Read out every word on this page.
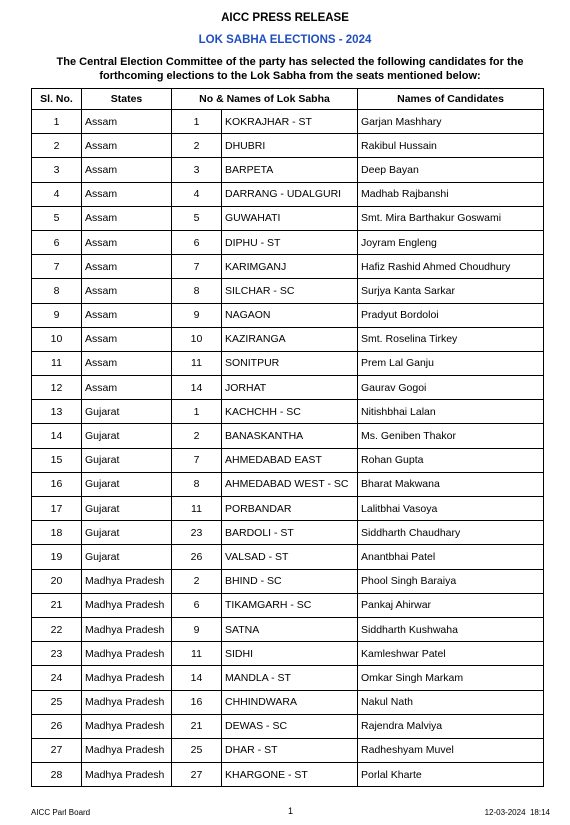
AICC PRESS RELEASE
LOK SABHA ELECTIONS - 2024
The Central Election Committee of the party has selected the following candidates for the forthcoming elections to the Lok Sabha from the seats mentioned below:
Sl. No.	States	No & Names of Lok Sabha		Names of Candidates
1	Assam	1	KOKRAJHAR - ST	Garjan Mashhary
2	Assam	2	DHUBRI	Rakibul Hussain
3	Assam	3	BARPETA	Deep Bayan
4	Assam	4	DARRANG - UDALGURI	Madhab Rajbanshi
5	Assam	5	GUWAHATI	Smt. Mira Barthakur Goswami
6	Assam	6	DIPHU - ST	Joyram Engleng
7	Assam	7	KARIMGANJ	Hafiz Rashid Ahmed Choudhury
8	Assam	8	SILCHAR - SC	Surjya Kanta Sarkar
9	Assam	9	NAGAON	Pradyut Bordoloi
10	Assam	10	KAZIRANGA	Smt. Roselina Tirkey
11	Assam	11	SONITPUR	Prem Lal Ganju
12	Assam	14	JORHAT	Gaurav Gogoi
13	Gujarat	1	KACHCHH - SC	Nitishbhai Lalan
14	Gujarat	2	BANASKANTHA	Ms. Geniben Thakor
15	Gujarat	7	AHMEDABAD EAST	Rohan Gupta
16	Gujarat	8	AHMEDABAD WEST - SC	Bharat Makwana
17	Gujarat	11	PORBANDAR	Lalitbhai Vasoya
18	Gujarat	23	BARDOLI - ST	Siddharth Chaudhary
19	Gujarat	26	VALSAD - ST	Anantbhai Patel
20	Madhya Pradesh	2	BHIND - SC	Phool Singh Baraiya
21	Madhya Pradesh	6	TIKAMGARH - SC	Pankaj Ahirwar
22	Madhya Pradesh	9	SATNA	Siddharth Kushwaha
23	Madhya Pradesh	11	SIDHI	Kamleshwar Patel
24	Madhya Pradesh	14	MANDLA - ST	Omkar Singh Markam
25	Madhya Pradesh	16	CHHINDWARA	Nakul Nath
26	Madhya Pradesh	21	DEWAS - SC	Rajendra Malviya
27	Madhya Pradesh	25	DHAR - ST	Radheshyam Muvel
28	Madhya Pradesh	27	KHARGONE - ST	Porlal Kharte
AICC Parl Board	1	12-03-2024 18:14
